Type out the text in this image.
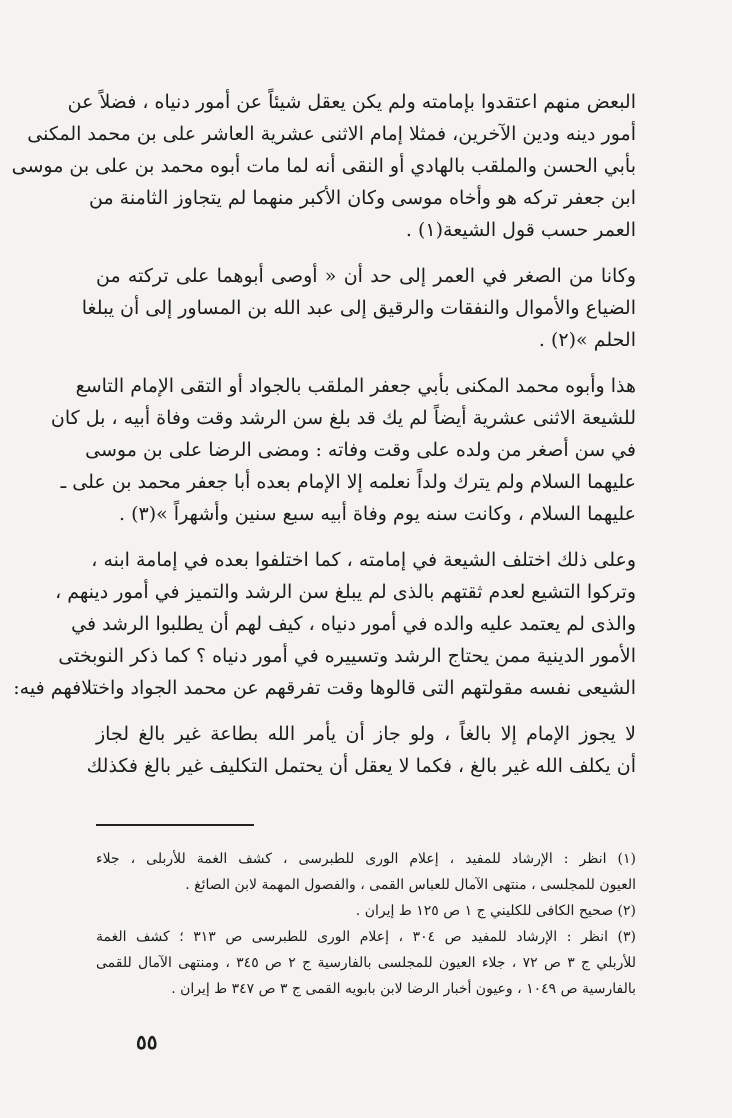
البعض منهم اعتقدوا بإمامته ولم يكن يعقل شيئاً عن أمور دنياه ، فضلاً عن
أمور دينه ودين الآخرين، فمثلا إمام الاثنى عشرية العاشر على بن محمد المكنى
بأبي الحسن والملقب بالهادي أو النقى أنه لما مات أبوه محمد بن على بن موسى
ابن جعفر تركه هو وأخاه موسى وكان الأكبر منهما لم يتجاوز الثامنة من
العمر حسب قول الشيعة(١) .
وكانا من الصغر في العمر إلى حد أن « أوصى أبوهما على تركته من
الضياع والأموال والنفقات والرقيق إلى عبد الله بن المساور إلى أن يبلغا
الحلم »(٢) .
هذا وأبوه محمد المكنى بأبي جعفر الملقب بالجواد أو التقى الإمام التاسع
للشيعة الاثنى عشرية أيضاً لم يك قد بلغ سن الرشد وقت وفاة أبيه ، بل كان
في سن أصغر من ولده على وقت وفاته : ومضى الرضا على بن موسى
عليهما السلام ولم يترك ولداً نعلمه إلا الإمام بعده أبا جعفر محمد بن على ـ
عليهما السلام ، وكانت سنه يوم وفاة أبيه سبع سنين وأشهراً »(٣) .
وعلى ذلك اختلف الشيعة في إمامته ، كما اختلفوا بعده في إمامة ابنه ،
وتركوا التشيع لعدم ثقتهم بالذى لم يبلغ سن الرشد والتميز في أمور دينهم ،
والذى لم يعتمد عليه والده في أمور دنياه ، كيف لهم أن يطلبوا الرشد في
الأمور الدينية ممن يحتاج الرشد وتسييره في أمور دنياه ؟ كما ذكر النوبختى
الشيعى نفسه مقولتهم التى قالوها وقت تفرقهم عن محمد الجواد واختلافهم فيه:
لا يجوز الإمام إلا بالغاً ، ولو جاز أن يأمر الله بطاعة غير بالغ لجاز
أن يكلف الله غير بالغ ، فكما لا يعقل أن يحتمل التكليف غير بالغ فكذلك
(١) انظر : الإرشاد للمفيد ، إعلام الورى للطبرسى ، كشف الغمة للأربلى ، جلاء
العيون للمجلسى ، منتهى الآمال للعباس القمى ، والفصول المهمة لابن الصائغ .
(٢) صحيح الكافى للكليني ج ١ ص ١٢٥ ط إيران .
(٣) انظر : الإرشاد للمفيد ص ٣٠٤ ، إعلام الورى للطبرسى ص ٣١٣ ؛ كشف الغمة
للأربلي ج ٣ ص ٧٢ ، جلاء العيون للمجلسى بالفارسية ج ٢ ص ٣٤٥ ، ومنتهى الآمال للقمى
بالفارسية ص ١٠٤٩ ، وعيون أخبار الرضا لابن بابويه القمى ج ٣ ص ٣٤٧ ط إيران .
٥٥
